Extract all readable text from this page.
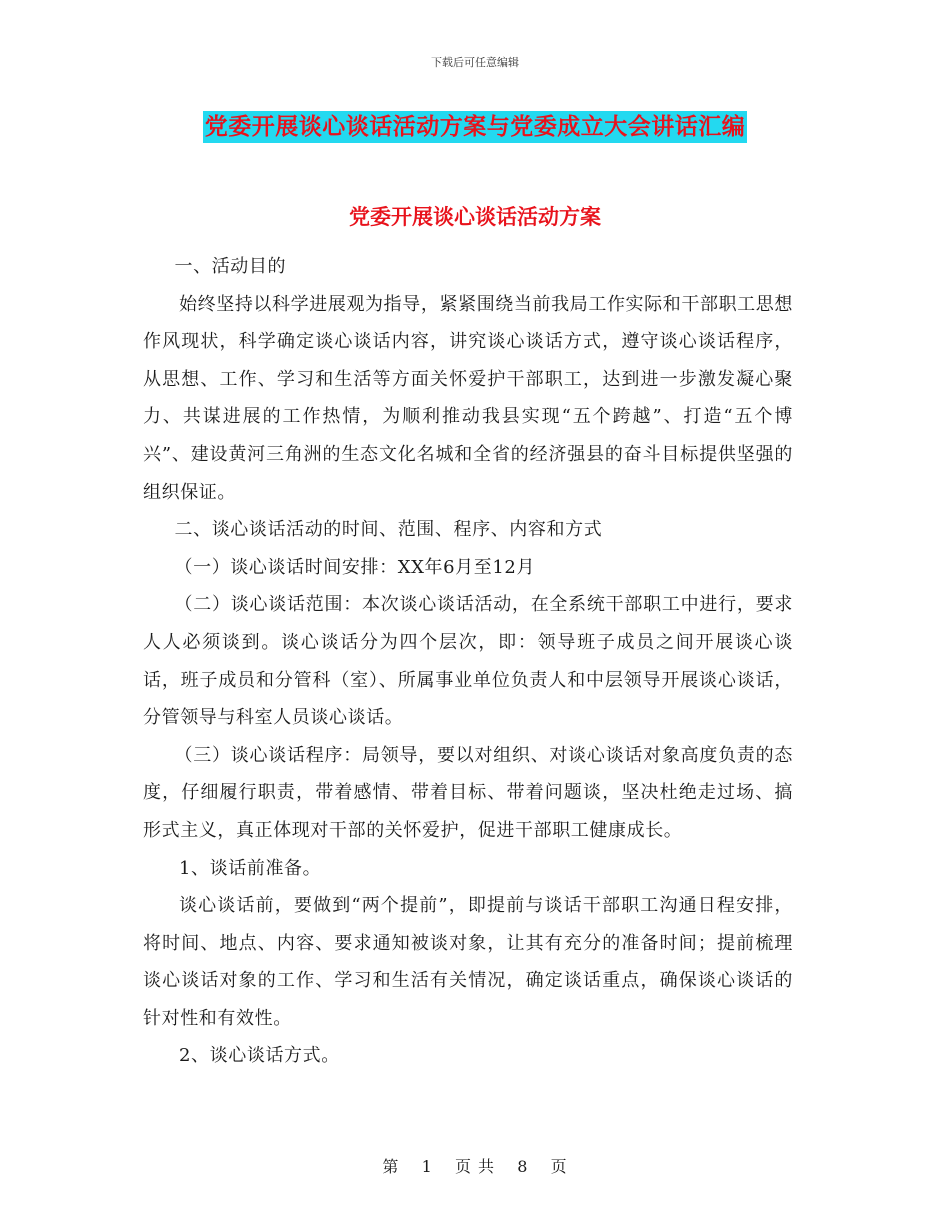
下载后可任意编辑
党委开展谈心谈话活动方案与党委成立大会讲话汇编
党委开展谈心谈话活动方案

一、活动目的

始终坚持以科学进展观为指导，紧紧围绕当前我局工作实际和干部职工思想作风现状，科学确定谈心谈话内容，讲究谈心谈话方式，遵守谈心谈话程序，从思想、工作、学习和生活等方面关怀爱护干部职工，达到进一步激发凝心聚力、共谋进展的工作热情，为顺利推动我县实现“五个跨越”、打造“五个博兴”、建设黄河三角洲的生态文化名城和全省的经济强县的奋斗目标提供坚强的组织保证。

二、谈心谈话活动的时间、范围、程序、内容和方式

（一）谈心谈话时间安排：XX年6月至12月

（二）谈心谈话范围：本次谈心谈话活动，在全系统干部职工中进行，要求人人必须谈到。谈心谈话分为四个层次，即：领导班子成员之间开展谈心谈话，班子成员和分管科（室）、所属事业单位负责人和中层领导开展谈心谈话，分管领导与科室人员谈心谈话。

（三）谈心谈话程序：局领导，要以对组织、对谈心谈话对象高度负责的态度，仔细履行职责，带着感情、带着目标、带着问题谈，坚决杜绝走过场、搞形式主义，真正体现对干部的关怀爱护，促进干部职工健康成长。

1、谈话前准备。

谈心谈话前，要做到“两个提前”，即提前与谈话干部职工沟通日程安排，将时间、地点、内容、要求通知被谈对象，让其有充分的准备时间；提前梳理谈心谈话对象的工作、学习和生活有关情况，确定谈话重点，确保谈心谈话的针对性和有效性。

2、谈心谈话方式。

第 1 页 共 8 页
